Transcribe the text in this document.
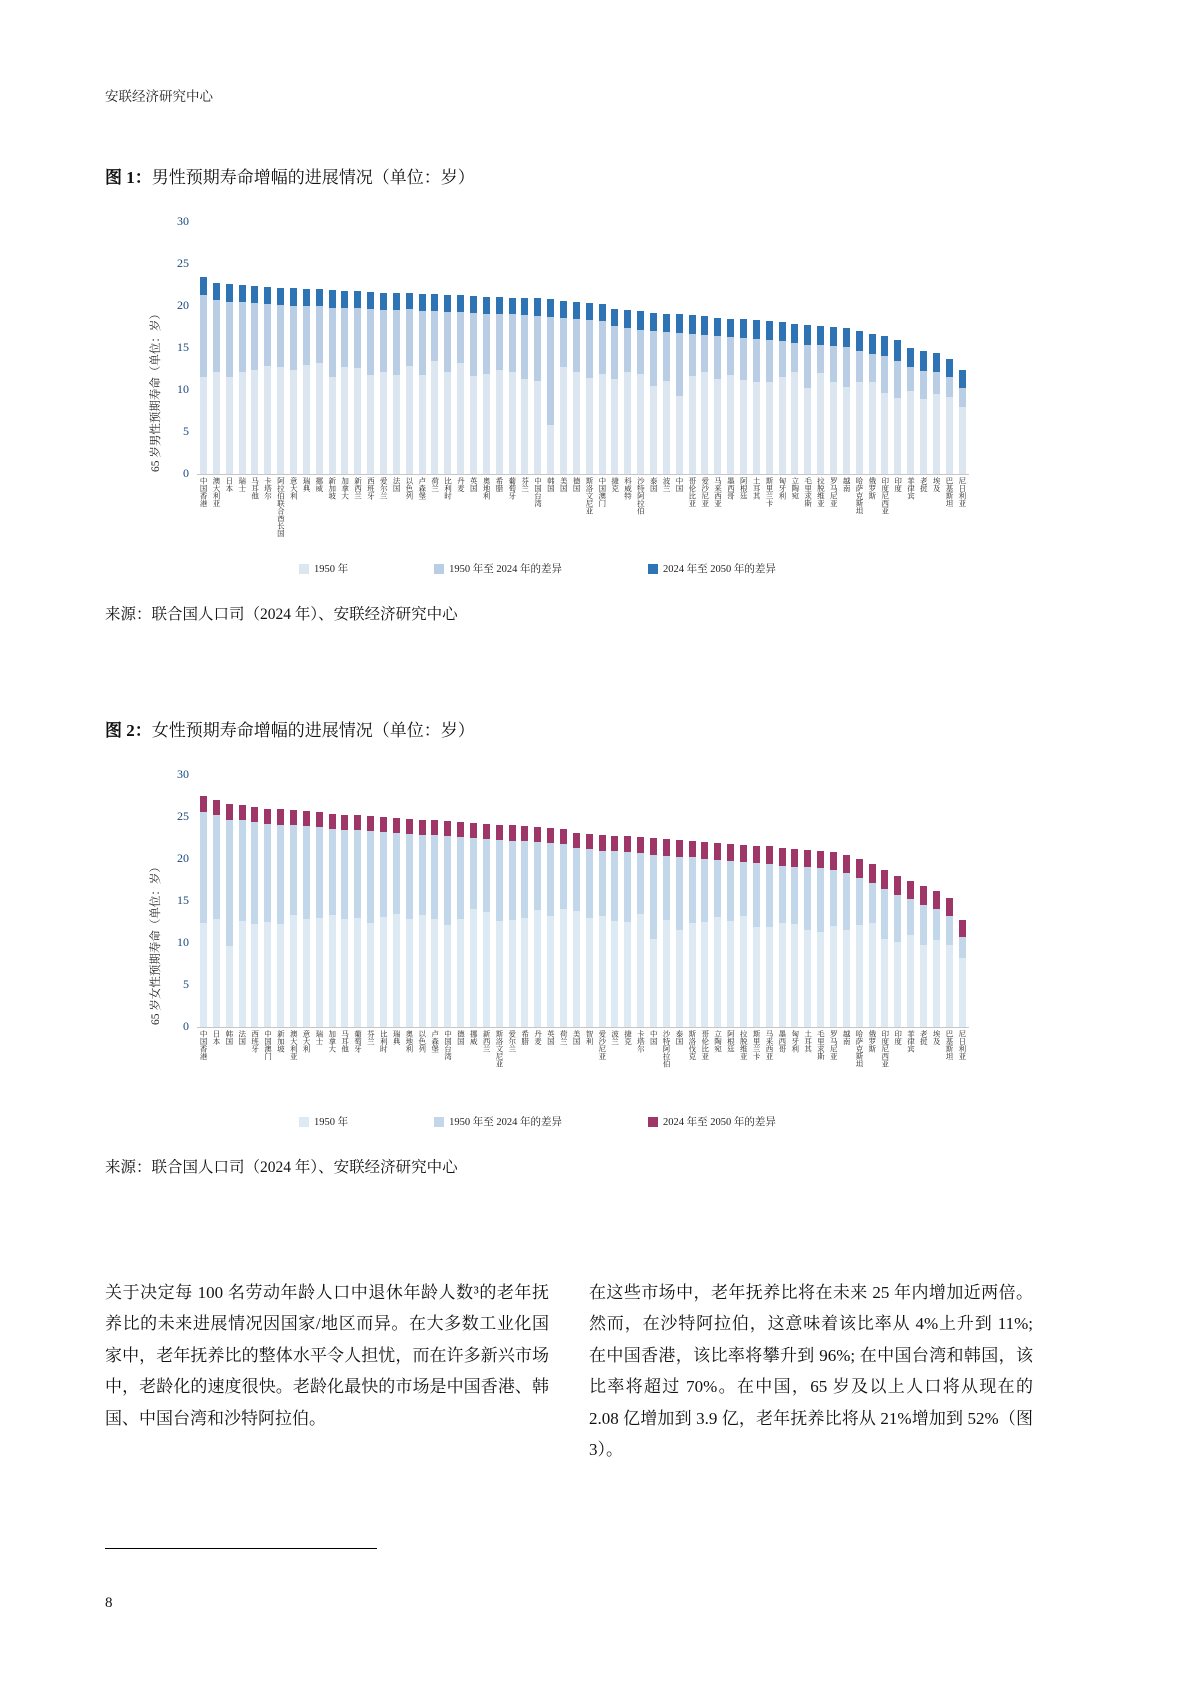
安联经济研究中心
图 1：男性预期寿命增幅的进展情况（单位：岁）
65 岁男性预期寿命（单位：岁）
0
5
10
15
20
25
30
中国香港 澳大利亚 日本 瑞士 马耳他 卡塔尔 阿拉伯联合酋长国 意大利 瑞典 挪威 新加坡 加拿大 新西兰 西班牙 爱尔兰 法国 以色列 卢森堡 荷兰 比利时 丹麦 英国 奥地利 希腊 葡萄牙 芬兰 中国台湾 韩国 美国 德国 斯洛文尼亚 中国澳门 捷克 科威特 沙特阿拉伯 泰国 波兰 中国 哥伦比亚 爱沙尼亚 马来西亚 墨西哥 阿根廷 土耳其 斯里兰卡 匈牙利 立陶宛 毛里求斯 拉脱维亚 罗马尼亚 越南 哈萨克斯坦 俄罗斯 印度尼西亚 印度 菲律宾 老挝 埃及 巴基斯坦 尼日利亚
1950 年	1950 年至 2024 年的差异	2024 年至 2050 年的差异

来源：联合国人口司（2024 年）、安联经济研究中心

图 2：女性预期寿命增幅的进展情况（单位：岁）
65 岁女性预期寿命（单位：岁）
0
5
10
15
20
25
30
中国香港 日本 韩国 法国 西班牙 中国澳门 新加坡 澳大利亚 意大利 瑞士 加拿大 马耳他 葡萄牙 芬兰 比利时 瑞典 奥地利 以色列 卢森堡 中国台湾 德国 挪威 新西兰 斯洛文尼亚 爱尔兰 希腊 丹麦 英国 荷兰 美国 智利 爱沙尼亚 波兰 捷克 卡塔尔 中国 沙特阿拉伯 泰国 斯洛伐克 哥伦比亚 立陶宛 阿根廷 拉脱维亚 斯里兰卡 马来西亚 墨西哥 匈牙利 土耳其 毛里求斯 罗马尼亚 越南 哈萨克斯坦 俄罗斯 印度尼西亚 印度 菲律宾 老挝 埃及 巴基斯坦 尼日利亚
1950 年	1950 年至 2024 年的差异	2024 年至 2050 年的差异

来源：联合国人口司（2024 年）、安联经济研究中心

关于决定每 100 名劳动年龄人口中退休年龄人数³的老年抚养比的未来进展情况因国家/地区而异。在大多数工业化国家中，老年抚养比的整体水平令人担忧，而在许多新兴市场中，老龄化的速度很快。老龄化最快的市场是中国香港、韩国、中国台湾和沙特阿拉伯。
在这些市场中，老年抚养比将在未来 25 年内增加近两倍。然而，在沙特阿拉伯，这意味着该比率从 4%上升到 11%; 在中国香港，该比率将攀升到 96%; 在中国台湾和韩国，该比率将超过 70%。在中国，65 岁及以上人口将从现在的 2.08 亿增加到 3.9 亿，老年抚养比将从 21%增加到 52%（图 3）。
8
